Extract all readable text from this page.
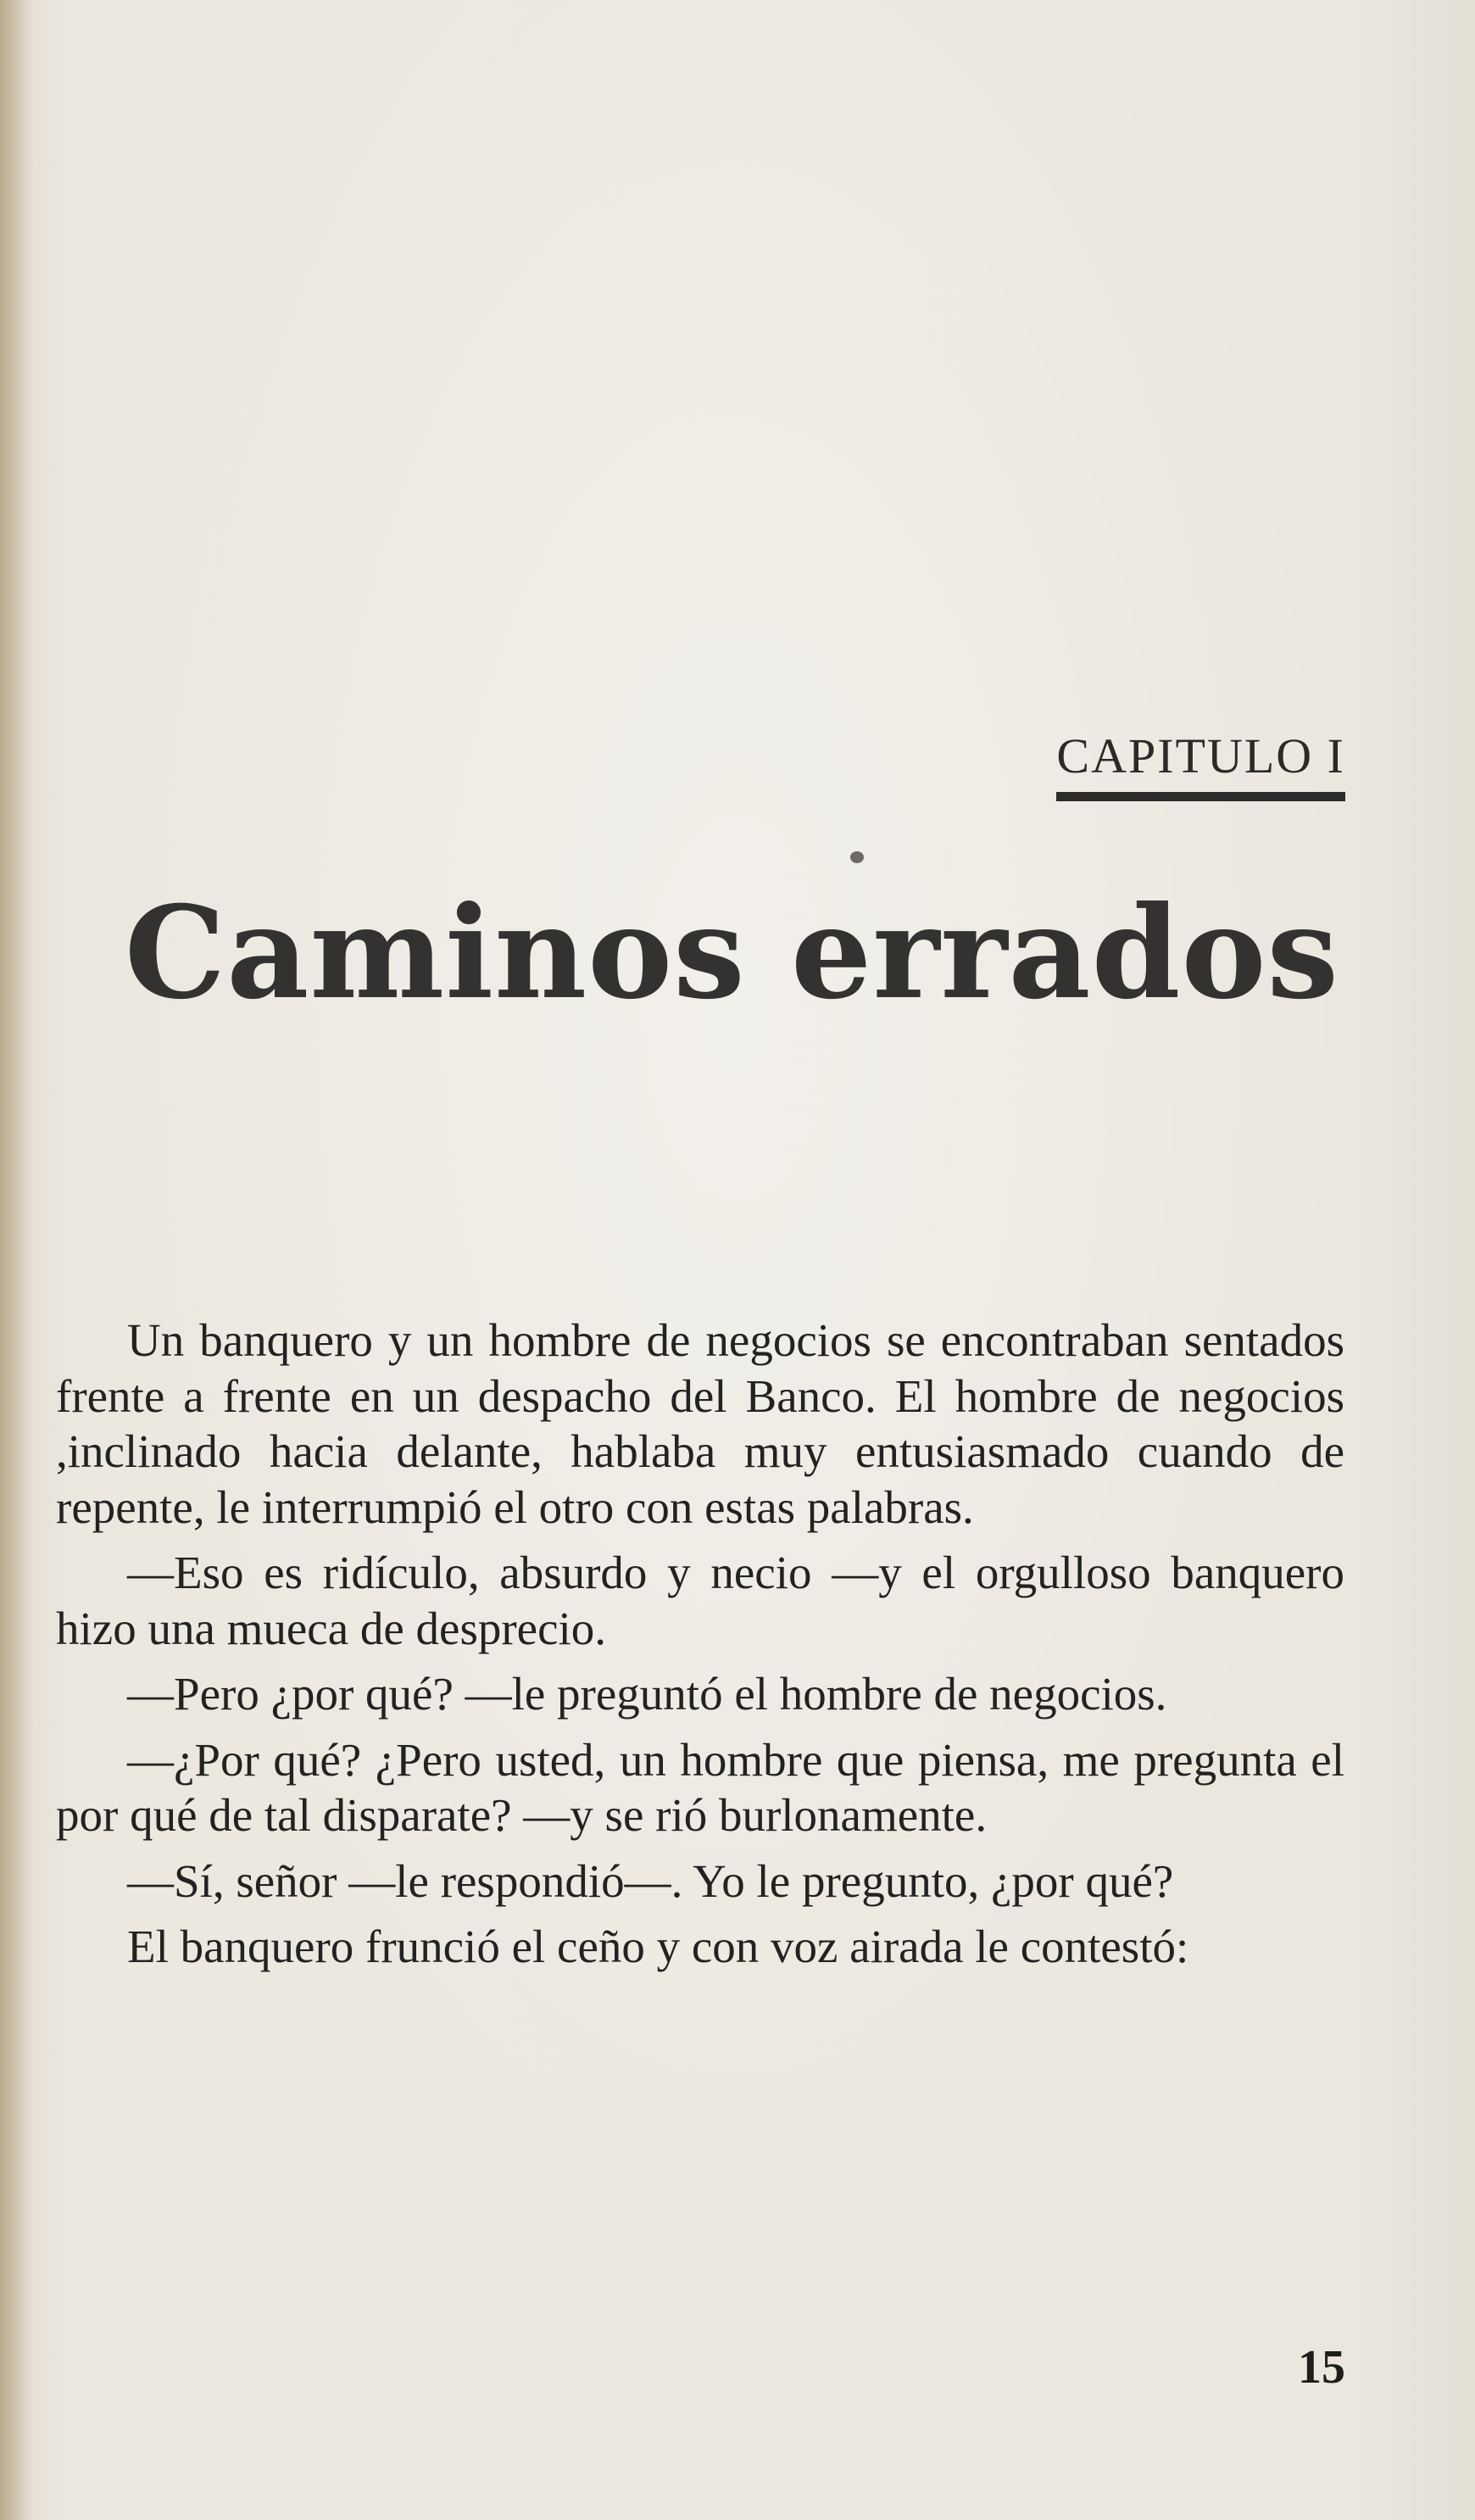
CAPITULO I
Caminos errados

Un banquero y un hombre de negocios se encontraban sentados frente a frente en un despacho del Banco. El hombre de negocios ,inclinado hacia delante, hablaba muy entusiasmado cuando de repente, le interrumpió el otro con estas palabras.

—Eso es ridículo, absurdo y necio —y el orgulloso banquero hizo una mueca de desprecio.

—Pero ¿por qué? —le preguntó el hombre de negocios.

—¿Por qué? ¿Pero usted, un hombre que piensa, me pregunta el por qué de tal disparate? —y se rió burlonamente.

—Sí, señor —le respondió—. Yo le pregunto, ¿por qué?

El banquero frunció el ceño y con voz airada le contestó:

15
